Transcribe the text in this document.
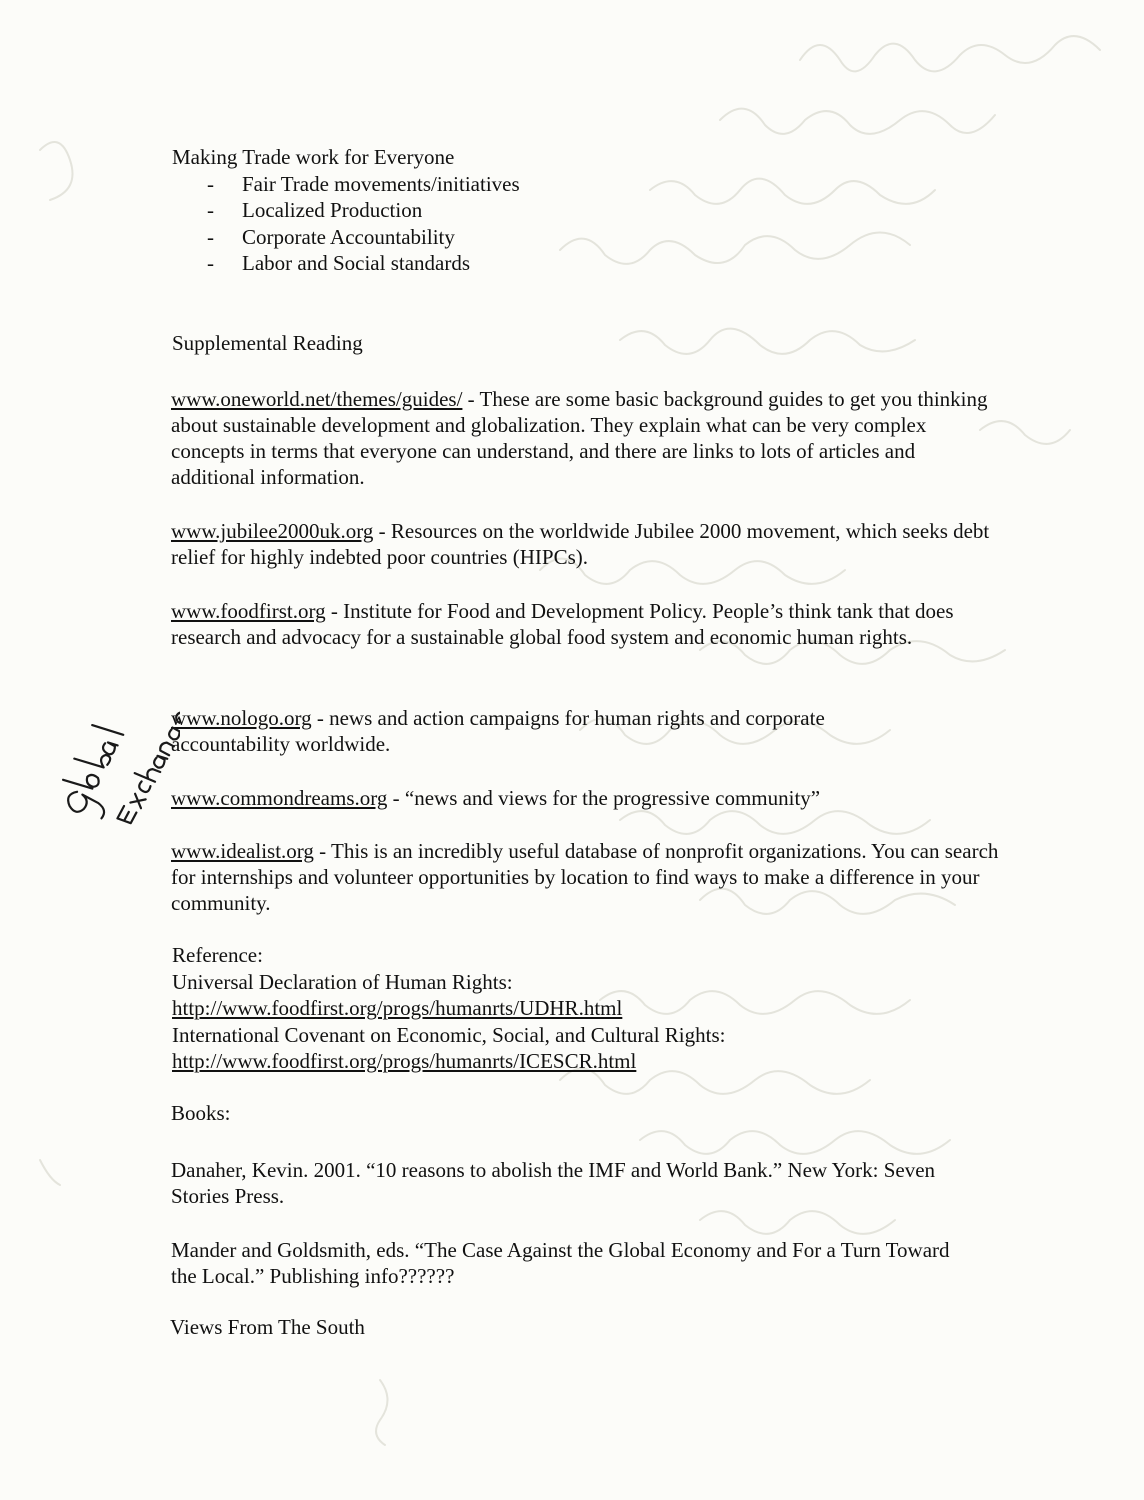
Making Trade work for Everyone
- Fair Trade movements/initiatives
- Localized Production
- Corporate Accountability
- Labor and Social standards
Supplemental Reading
www.oneworld.net/themes/guides/ - These are some basic background guides to get you thinking about sustainable development and globalization. They explain what can be very complex concepts in terms that everyone can understand, and there are links to lots of articles and additional information.
www.jubilee2000uk.org - Resources on the worldwide Jubilee 2000 movement, which seeks debt relief for highly indebted poor countries (HIPCs).
www.foodfirst.org - Institute for Food and Development Policy. People’s think tank that does research and advocacy for a sustainable global food system and economic human rights.
www.nologo.org - news and action campaigns for human rights and corporate accountability worldwide.
www.commondreams.org - “news and views for the progressive community”
www.idealist.org - This is an incredibly useful database of nonprofit organizations. You can search for internships and volunteer opportunities by location to find ways to make a difference in your community.
Reference:
Universal Declaration of Human Rights:
http://www.foodfirst.org/progs/humanrts/UDHR.html
International Covenant on Economic, Social, and Cultural Rights:
http://www.foodfirst.org/progs/humanrts/ICESCR.html
Books:
Danaher, Kevin. 2001. “10 reasons to abolish the IMF and World Bank.” New York: Seven Stories Press.
Mander and Goldsmith, eds. “The Case Against the Global Economy and For a Turn Toward the Local.” Publishing info??????
Views From The South
